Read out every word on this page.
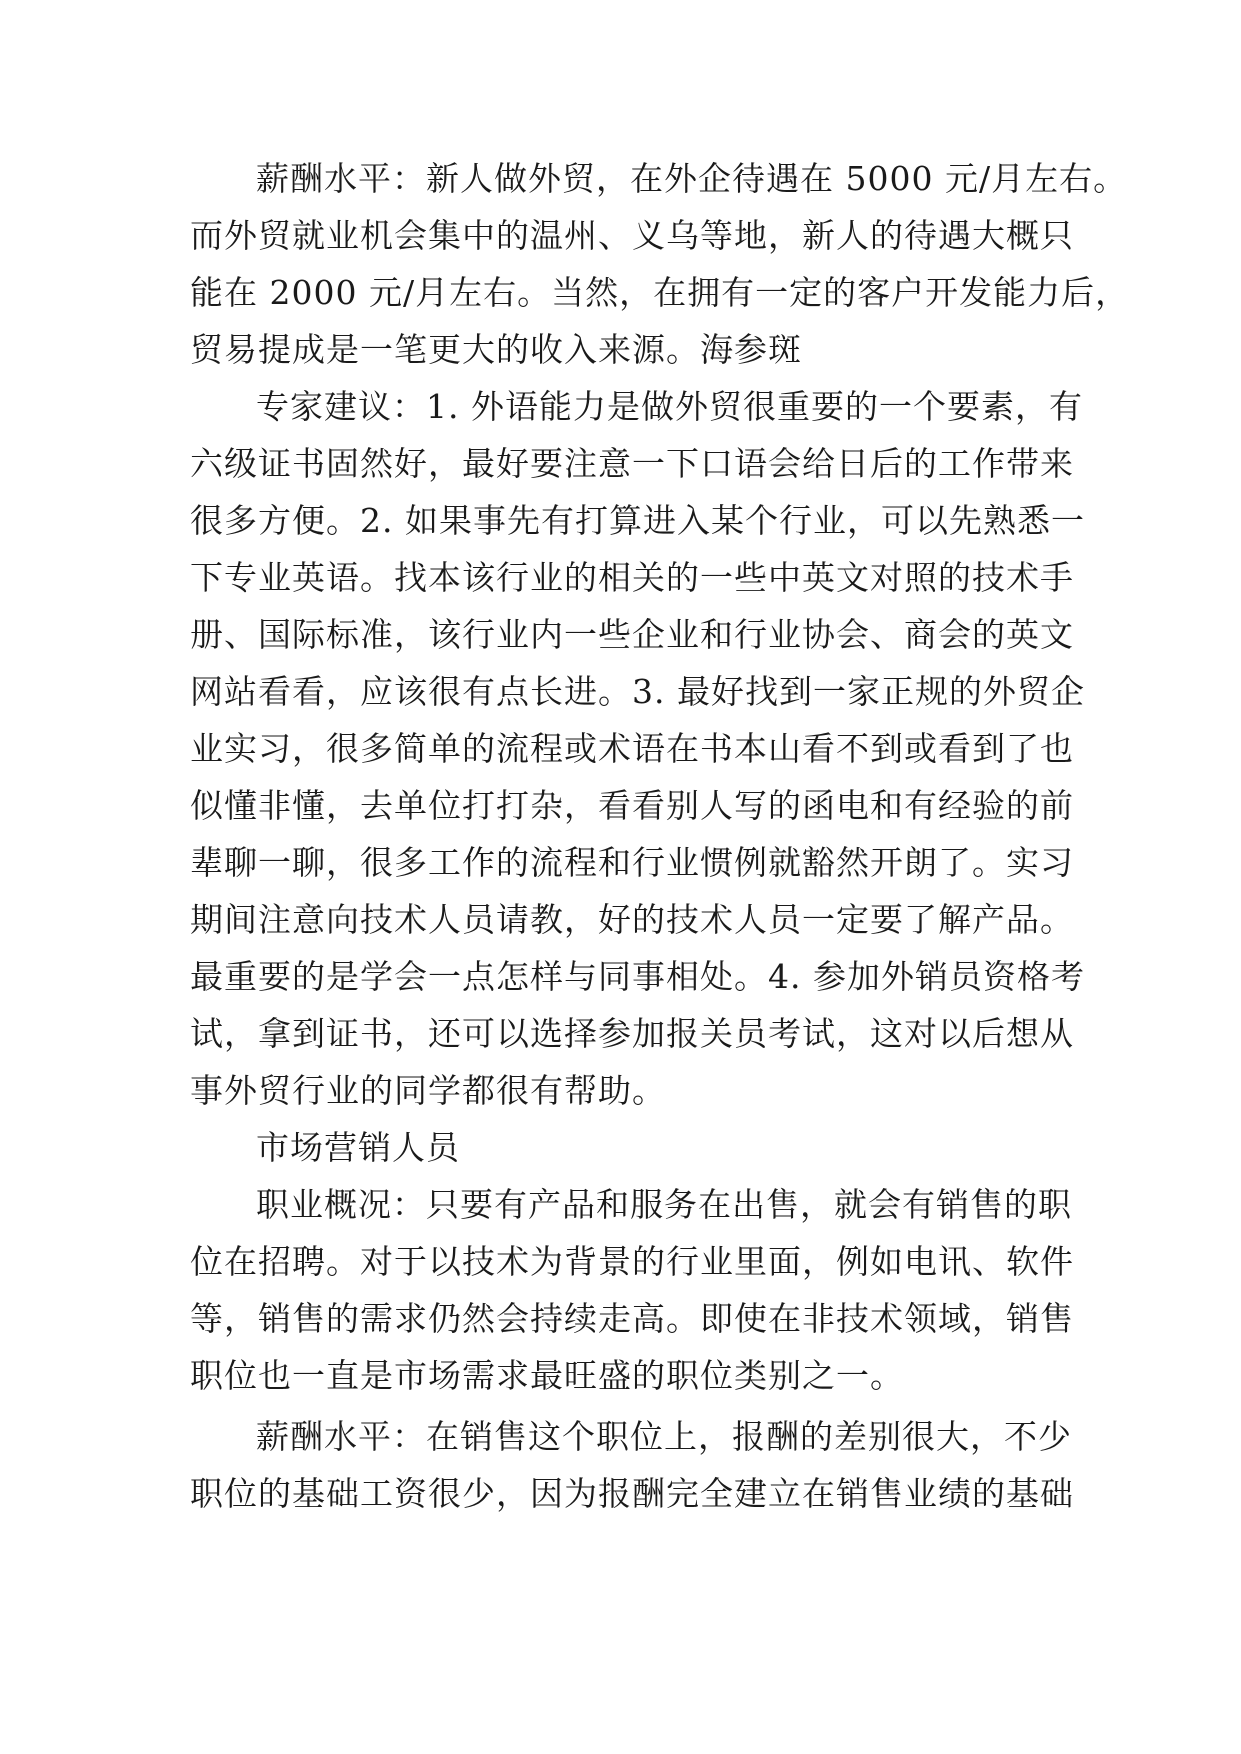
薪酬水平：新人做外贸，在外企待遇在 5000 元/月左右。
而外贸就业机会集中的温州、义乌等地，新人的待遇大概只
能在 2000 元/月左右。当然，在拥有一定的客户开发能力后，
贸易提成是一笔更大的收入来源。海参斑
专家建议：1. 外语能力是做外贸很重要的一个要素，有
六级证书固然好，最好要注意一下口语会给日后的工作带来
很多方便。2. 如果事先有打算进入某个行业，可以先熟悉一
下专业英语。找本该行业的相关的一些中英文对照的技术手
册、国际标准，该行业内一些企业和行业协会、商会的英文
网站看看，应该很有点长进。3. 最好找到一家正规的外贸企
业实习，很多简单的流程或术语在书本山看不到或看到了也
似懂非懂，去单位打打杂，看看别人写的函电和有经验的前
辈聊一聊，很多工作的流程和行业惯例就豁然开朗了。实习
期间注意向技术人员请教，好的技术人员一定要了解产品。
最重要的是学会一点怎样与同事相处。4. 参加外销员资格考
试，拿到证书，还可以选择参加报关员考试，这对以后想从
事外贸行业的同学都很有帮助。
市场营销人员
职业概况：只要有产品和服务在出售，就会有销售的职
位在招聘。对于以技术为背景的行业里面，例如电讯、软件
等，销售的需求仍然会持续走高。即使在非技术领域，销售
职位也一直是市场需求最旺盛的职位类别之一。
薪酬水平：在销售这个职位上，报酬的差别很大，不少
职位的基础工资很少，因为报酬完全建立在销售业绩的基础
